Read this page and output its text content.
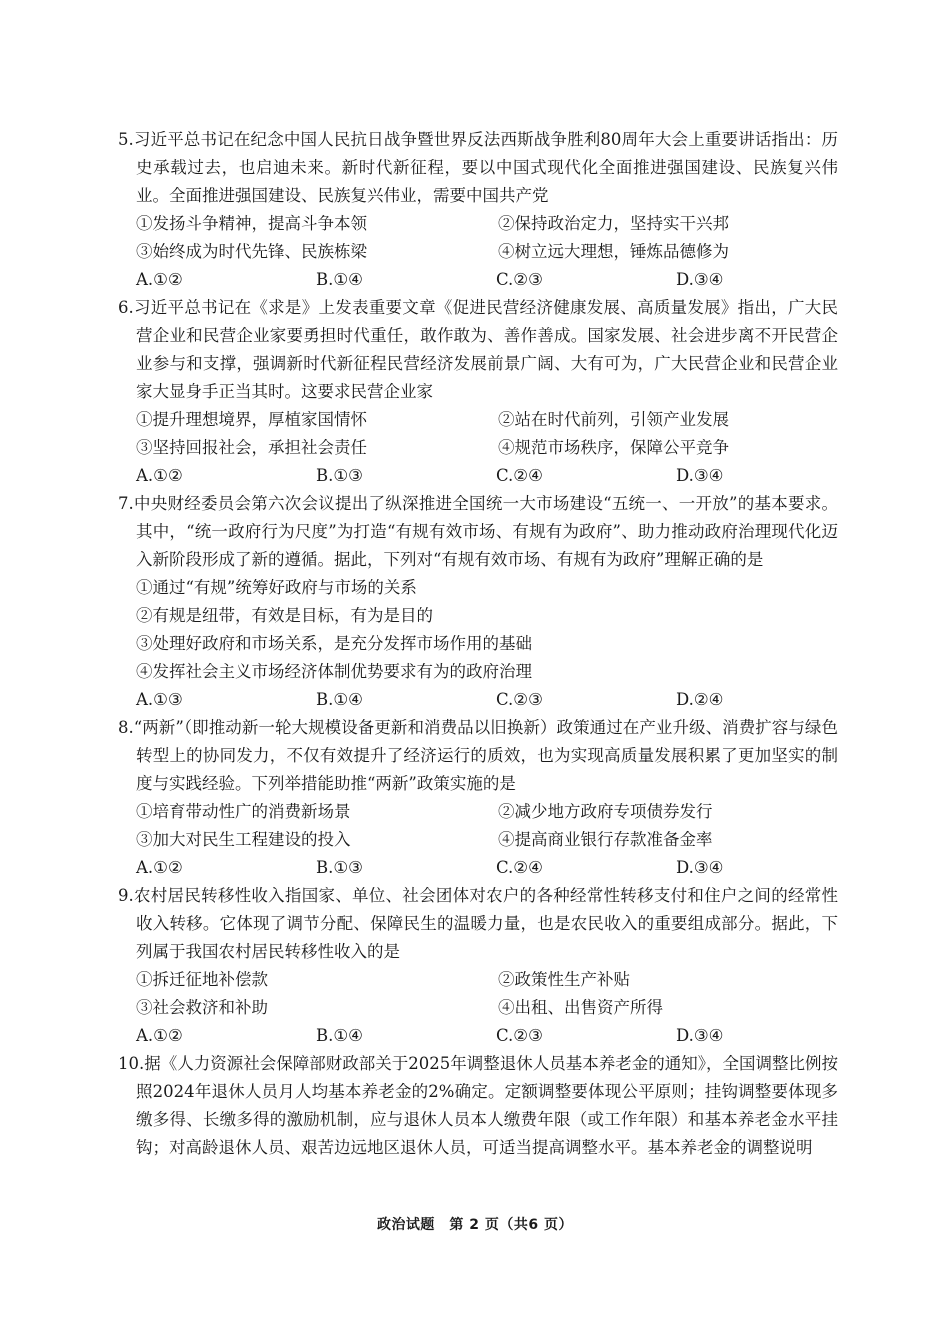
5.习近平总书记在纪念中国人民抗日战争暨世界反法西斯战争胜利80周年大会上重要讲话指出：历史承载过去，也启迪未来。新时代新征程，要以中国式现代化全面推进强国建设、民族复兴伟业。全面推进强国建设、民族复兴伟业，需要中国共产党

①发扬斗争精神，提高斗争本领	②保持政治定力，坚持实干兴邦
③始终成为时代先锋、民族栋梁	④树立远大理想，锤炼品德修为
A.①②	B.①④	C.②③	D.③④

6.习近平总书记在《求是》上发表重要文章《促进民营经济健康发展、高质量发展》指出，广大民营企业和民营企业家要勇担时代重任，敢作敢为、善作善成。国家发展、社会进步离不开民营企业参与和支撑，强调新时代新征程民营经济发展前景广阔、大有可为，广大民营企业和民营企业家大显身手正当其时。这要求民营企业家

①提升理想境界，厚植家国情怀	②站在时代前列，引领产业发展
③坚持回报社会，承担社会责任	④规范市场秩序，保障公平竞争
A.①②	B.①③	C.②④	D.③④

7.中央财经委员会第六次会议提出了纵深推进全国统一大市场建设“五统一、一开放”的基本要求。其中，“统一政府行为尺度”为打造“有规有效市场、有规有为政府”、助力推动政府治理现代化迈入新阶段形成了新的遵循。据此，下列对“有规有效市场、有规有为政府”理解正确的是

①通过“有规”统筹好政府与市场的关系
②有规是纽带，有效是目标，有为是目的
③处理好政府和市场关系，是充分发挥市场作用的基础
④发挥社会主义市场经济体制优势要求有为的政府治理
A.①③	B.①④	C.②③	D.②④

8.“两新”（即推动新一轮大规模设备更新和消费品以旧换新）政策通过在产业升级、消费扩容与绿色转型上的协同发力，不仅有效提升了经济运行的质效，也为实现高质量发展积累了更加坚实的制度与实践经验。下列举措能助推“两新”政策实施的是

①培育带动性广的消费新场景	②减少地方政府专项债券发行
③加大对民生工程建设的投入	④提高商业银行存款准备金率
A.①②	B.①③	C.②④	D.③④

9.农村居民转移性收入指国家、单位、社会团体对农户的各种经常性转移支付和住户之间的经常性收入转移。它体现了调节分配、保障民生的温暖力量，也是农民收入的重要组成部分。据此，下列属于我国农村居民转移性收入的是

①拆迁征地补偿款	②政策性生产补贴
③社会救济和补助	④出租、出售资产所得
A.①②	B.①④	C.②③	D.③④

10.据《人力资源社会保障部财政部关于2025年调整退休人员基本养老金的通知》，全国调整比例按照2024年退休人员月人均基本养老金的2%确定。定额调整要体现公平原则；挂钩调整要体现多缴多得、长缴多得的激励机制，应与退休人员本人缴费年限（或工作年限）和基本养老金水平挂钩；对高龄退休人员、艰苦边远地区退休人员，可适当提高调整水平。基本养老金的调整说明

政治试题　第 2 页（共6 页）
